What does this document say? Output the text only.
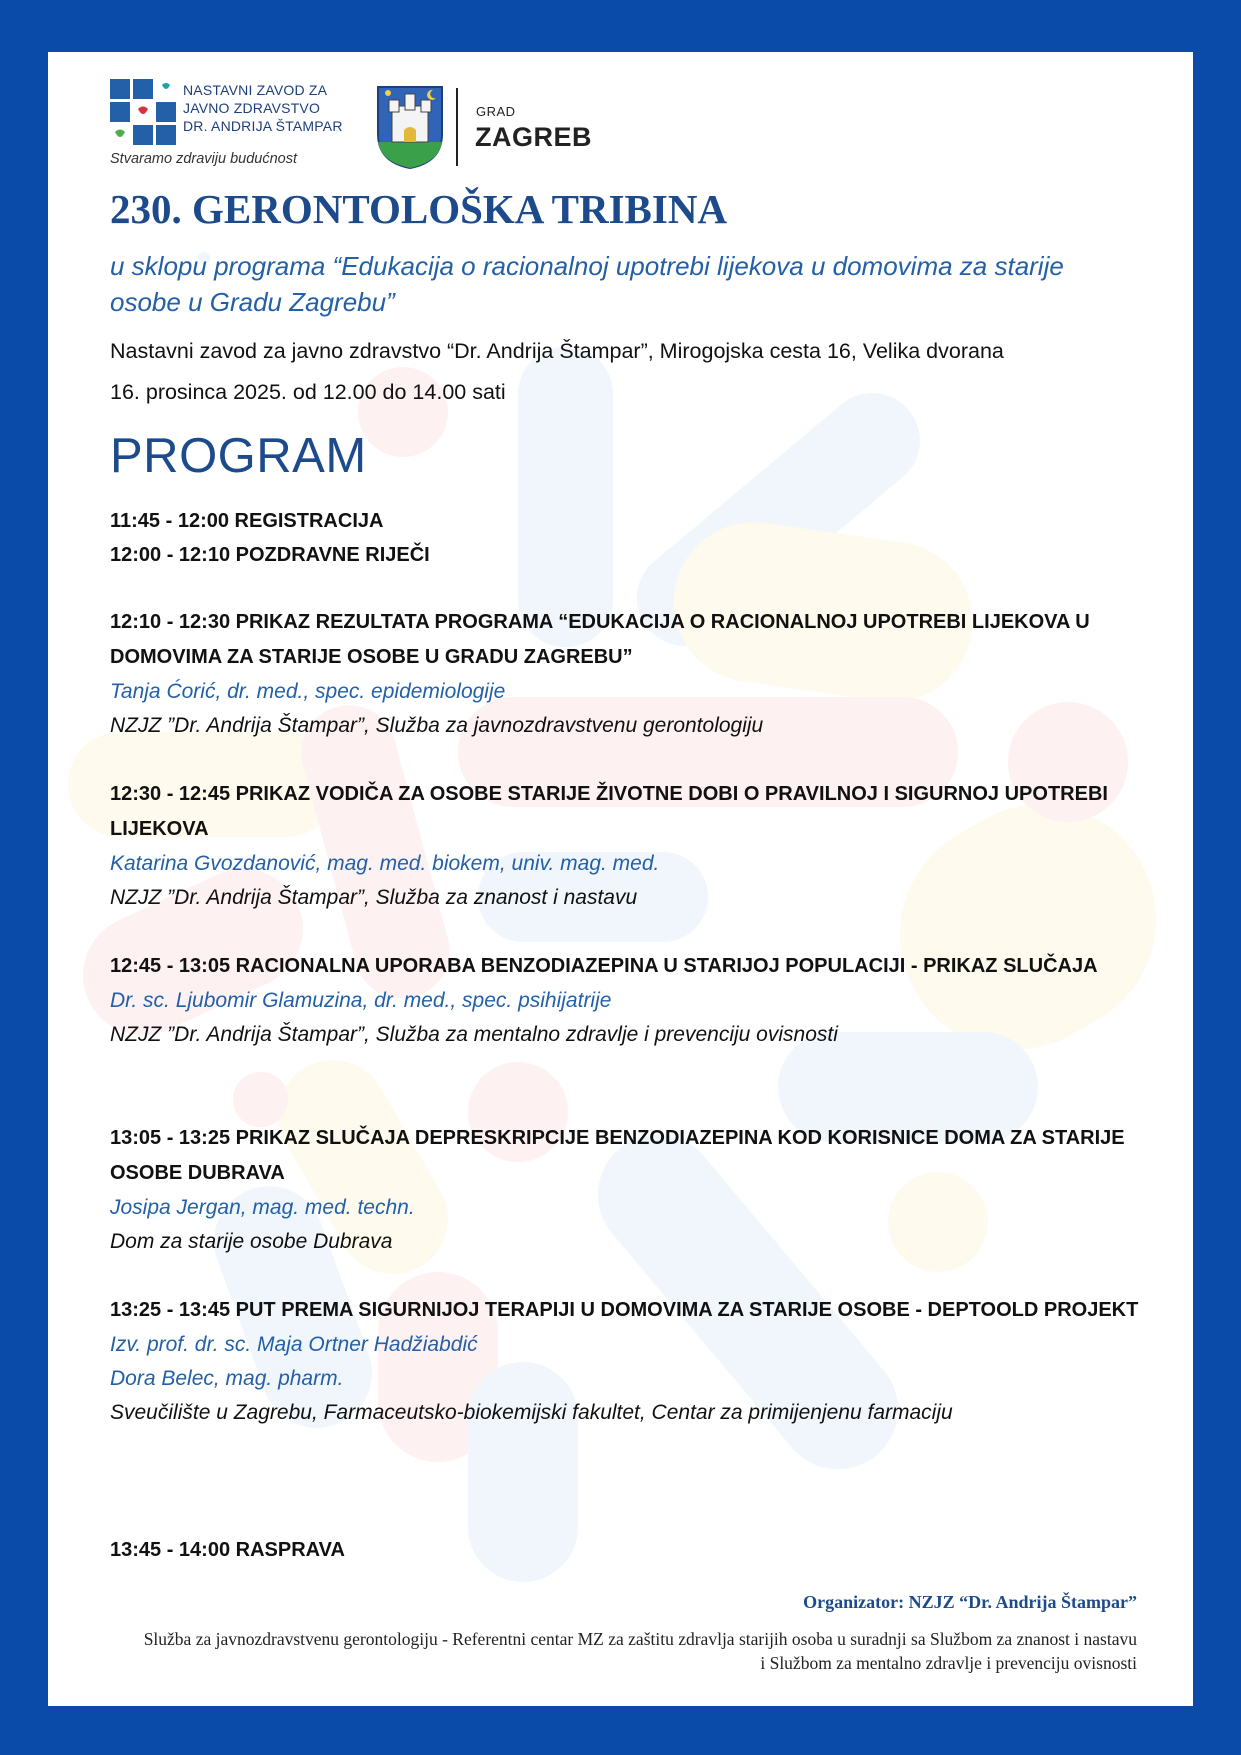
NASTAVNI ZAVOD ZA
JAVNO ZDRAVSTVO
DR. ANDRIJA ŠTAMPAR
Stvaramo zdraviju budućnost
GRAD
ZAGREB
230. GERONTOLOŠKA TRIBINA
u sklopu programa “Edukacija o racionalnoj upotrebi lijekova u domovima za starije osobe u Gradu Zagrebu”
Nastavni zavod za javno zdravstvo “Dr. Andrija Štampar”, Mirogojska cesta 16, Velika dvorana
16. prosinca 2025. od 12.00 do 14.00 sati
PROGRAM
11:45 - 12:00 REGISTRACIJA
12:00 - 12:10 POZDRAVNE RIJEČI
12:10 - 12:30 PRIKAZ REZULTATA PROGRAMA “EDUKACIJA O RACIONALNOJ UPOTREBI LIJEKOVA U DOMOVIMA ZA STARIJE OSOBE U GRADU ZAGREBU”
Tanja Ćorić, dr. med., spec. epidemiologije
NZJZ ”Dr. Andrija Štampar”, Služba za javnozdravstvenu gerontologiju
12:30 - 12:45 PRIKAZ VODIČA ZA OSOBE STARIJE ŽIVOTNE DOBI O PRAVILNOJ I SIGURNOJ UPOTREBI LIJEKOVA
Katarina Gvozdanović, mag. med. biokem, univ. mag. med.
NZJZ ”Dr. Andrija Štampar”, Služba za znanost i nastavu
12:45 - 13:05 RACIONALNA UPORABA BENZODIAZEPINA U STARIJOJ POPULACIJI - PRIKAZ SLUČAJA
Dr. sc. Ljubomir Glamuzina, dr. med., spec. psihijatrije
NZJZ ”Dr. Andrija Štampar”, Služba za mentalno zdravlje i prevenciju ovisnosti
13:05 - 13:25 PRIKAZ SLUČAJA DEPRESKRIPCIJE BENZODIAZEPINA KOD KORISNICE DOMA ZA STARIJE OSOBE DUBRAVA
Josipa Jergan, mag. med. techn.
Dom za starije osobe Dubrava
13:25 - 13:45 PUT PREMA SIGURNIJOJ TERAPIJI U DOMOVIMA ZA STARIJE OSOBE - DEPTOOLD PROJEKT
Izv. prof. dr. sc. Maja Ortner Hadžiabdić
Dora Belec, mag. pharm.
Sveučilište u Zagrebu, Farmaceutsko-biokemijski fakultet, Centar za primijenjenu farmaciju
13:45 - 14:00 RASPRAVA
Organizator: NZJZ “Dr. Andrija Štampar”
Služba za javnozdravstvenu gerontologiju - Referentni centar MZ za zaštitu zdravlja starijih osoba u suradnji sa Službom za znanost i nastavu i Službom za mentalno zdravlje i prevenciju ovisnosti
